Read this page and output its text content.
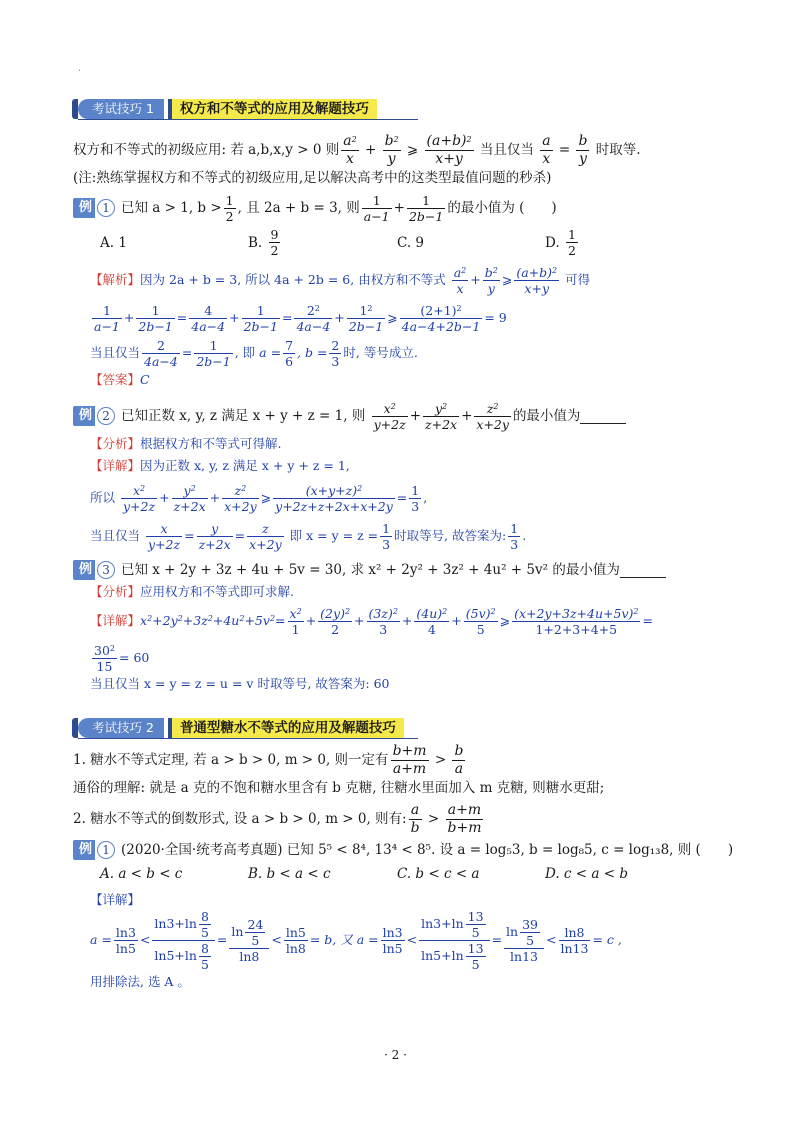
·
考试技巧 1	权方和不等式的应用及解题技巧
权方和不等式的初级应用: 若 a,b,x,y > 0 则 $\frac{a^2}{x} + \frac{b^2}{y}$ ⩾ $\frac{(a+b)^2}{x+y}$
当且仅当
$\frac{a}{x} = \frac{b}{y}$
时取等.
(注:熟练掌握权方和不等式的初级应用,足以解决高考中的这类型最值问题的秒杀)
例 1 已知 a > 1, $b > \frac{1}{2}$ , 且 2a + b = 3, 则 $\frac{1}{a-1} + \frac{1}{2b-1}$ 的最小值为 (　　)
A. 1	B.
$\frac{9}{2}$	C. 9	D.
$\frac{1}{2}$
【解析】 因为 2a + b = 3, 所以 4a + 2b = 6, 由权方和不等式
$\frac{a^2}{x} + \frac{b^2}{y}$ ⩾ $\frac{(a+b)^2}{x+y}$
可得
$\frac{1}{a-1} + \frac{1}{2b-1} = \frac{4}{4a-4} + \frac{1}{2b-1} = \frac{2^2}{4a-4} + \frac{1^2}{2b-1}$ ⩾ $\frac{(2+1)^2}{4a-4+2b-1} = 9$
当且仅当 $\frac{2}{4a-4} = \frac{1}{2b-1}$ , 即 $a = \frac{7}{6}$ , $b = \frac{2}{3}$ 时, 等号成立.
【答案】C
例 2 已知正数 x, y, z 满足 x + y + z = 1, 则
$\frac{x^2}{y+2z} + \frac{y^2}{z+2x} + \frac{z^2}{x+2y}$ 的最小值为
【分析】根据权方和不等式可得解.
【详解】因为正数 x, y, z 满足 x + y + z = 1,
所以
$\frac{x^2}{y+2z} + \frac{y^2}{z+2x} + \frac{z^2}{x+2y}$ ⩾ $\frac{(x+y+z)^2}{y+2z+z+2x+x+2y} = \frac{1}{3}$ ,
当且仅当
$\frac{x}{y+2z} = \frac{y}{z+2x} = \frac{z}{x+2y}$
即 $x = y = z = \frac{1}{3}$ 时取等号, 故答案为: $\frac{1}{3}$ .
例 3 已知 x + 2y + 3z + 4u + 5v = 30, 求 x² + 2y² + 3z² + 4u² + 5v² 的最小值为
【分析】应用权方和不等式即可求解.
【详解】 $x^2+2y^2+3z^2+4u^2+5v^2= \frac{x^2}{1} + \frac{(2y)^2}{2} + \frac{(3z)^2}{3} + \frac{(4u)^2}{4} + \frac{(5v)^2}{5}$ ⩾ $\frac{(x+2y+3z+4u+5v)^2}{1+2+3+4+5}$ =
$\frac{30^2}{15} = 60$
当且仅当 x = y = z = u = v 时取等号, 故答案为: 60
考试技巧 2	普通型糖水不等式的应用及解题技巧
1. 糖水不等式定理, 若 a > b > 0, m > 0, 则一定有 $\frac{b+m}{a+m} > \frac{b}{a}$
通俗的理解: 就是 a 克的不饱和糖水里含有 b 克糖, 往糖水里面加入 m 克糖, 则糖水更甜;
2. 糖水不等式的倒数形式, 设 a > b > 0, m > 0, 则有: $\frac{a}{b} > \frac{a+m}{b+m}$
例 1 (2020·全国·统考高考真题) 已知 5⁵ < 8⁴, 13⁴ < 8⁵. 设 a = log₅3, b = log₈5, c = log₁₃8, 则 (　　)
A. a < b < c	B. b < a < c	C. b < c < a	D. c < a < b
【详解】
$a = \frac{\ln 3}{\ln 5} < \frac{\ln 3+\ln \frac{8}{5}}{\ln 5+\ln \frac{8}{5}} = \frac{\ln \frac{24}{5}}{\ln 8} < \frac{\ln 5}{\ln 8} = b$, 又 $a = \frac{\ln 3}{\ln 5} < \frac{\ln 3+\ln \frac{13}{5}}{\ln 5+\ln \frac{13}{5}} = \frac{\ln \frac{39}{5}}{\ln 13} < \frac{\ln 8}{\ln 13} = c$ ,
用排除法, 选 A 。
· 2 ·
